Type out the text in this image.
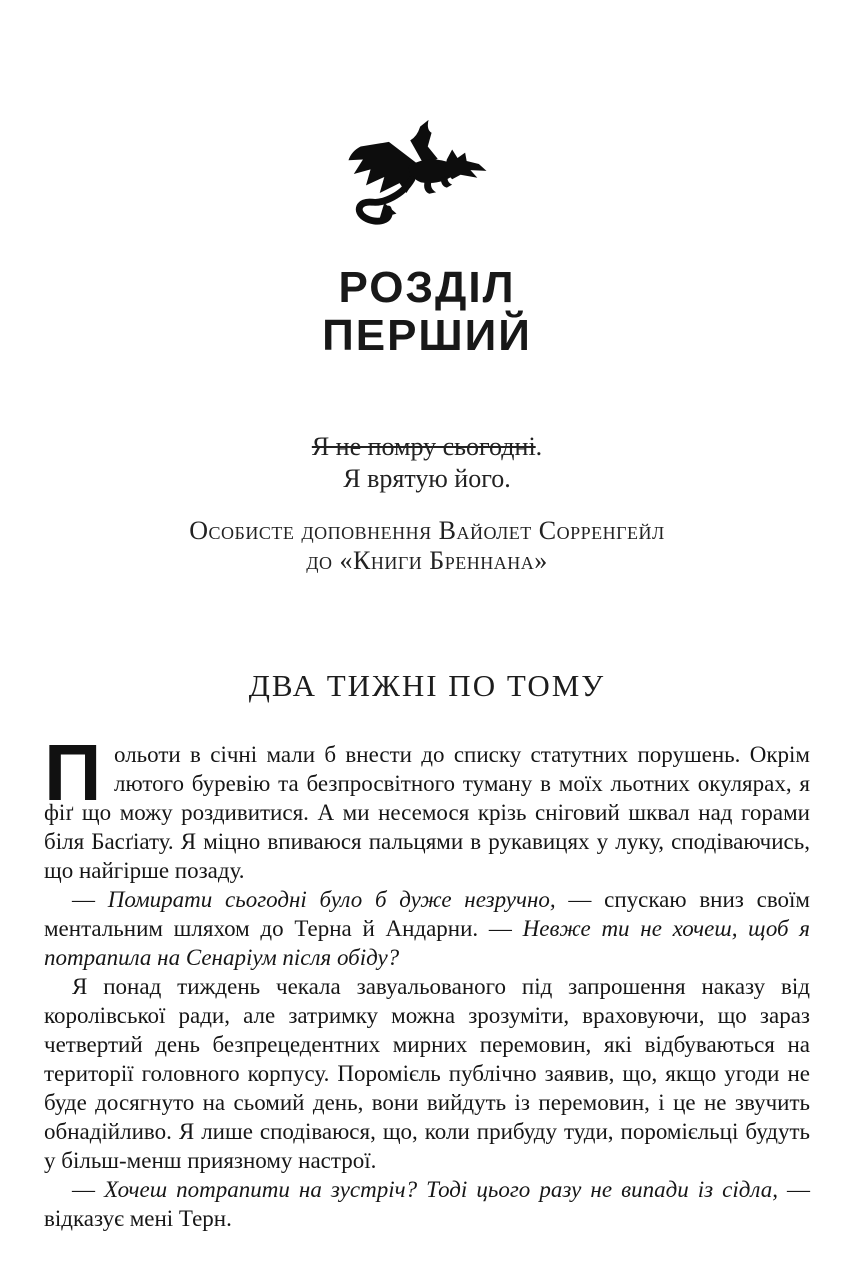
РОЗДІЛ
ПЕРШИЙ
Я не помру сьогодні.
Я врятую його.
Особисте доповнення Вайолет Сорренгейл
до «Книги Бреннана»
ДВА ТИЖНІ ПО ТОМУ

Польоти в січні мали б внести до списку статутних порушень. Окрім лютого буревію та безпросвітного туману в моїх льотних окулярах, я фіґ що можу роздивитися. А ми несемося крізь сніговий шквал над горами біля Басґіату. Я міцно впиваюся пальцями в рукавицях у луку, сподіваючись, що найгірше позаду.

— Помирати сьогодні було б дуже незручно, — спускаю вниз своїм ментальним шляхом до Терна й Андарни. — Невже ти не хочеш, щоб я потрапила на Сенаріум після обіду?

Я понад тиждень чекала завуальованого під запрошення наказу від королівської ради, але затримку можна зрозуміти, враховуючи, що зараз четвертий день безпрецедентних мирних перемовин, які відбуваються на території головного корпусу. Поромієль публічно заявив, що, якщо угоди не буде досягнуто на сьомий день, вони вийдуть із перемовин, і це не звучить обнадійливо. Я лише сподіваюся, що, коли прибуду туди, поромієльці будуть у більш-менш приязному настрої.

— Хочеш потрапити на зустріч? Тоді цього разу не випади із сідла, — відказує мені Терн.
